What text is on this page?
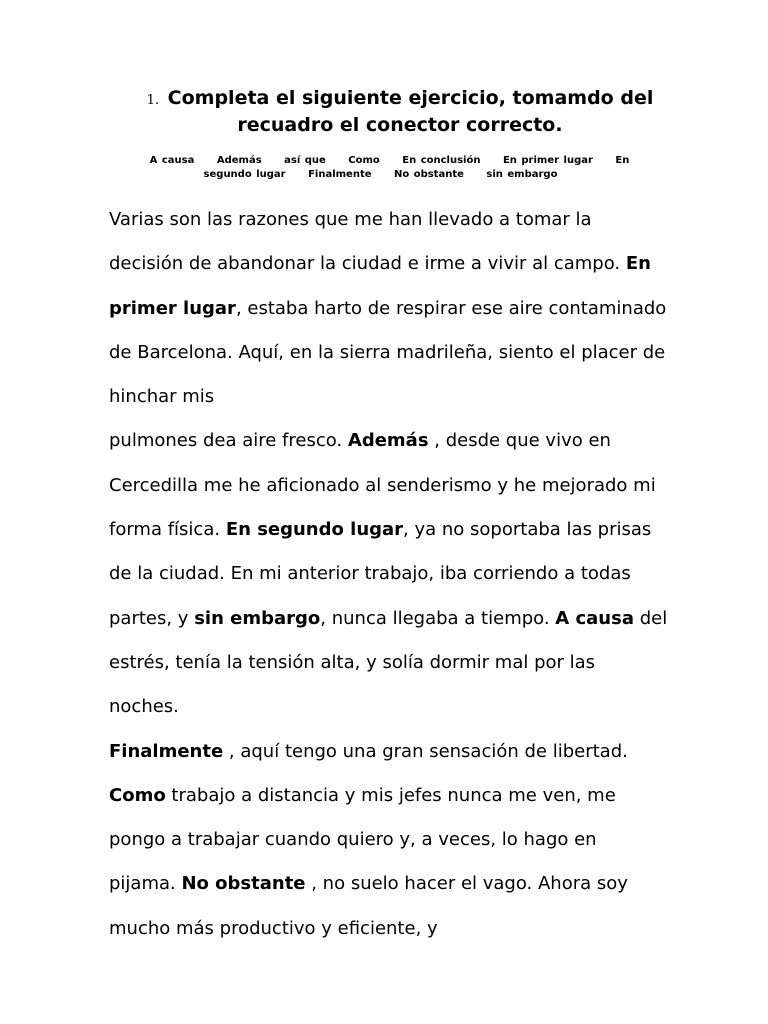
1. Completa el siguiente ejercicio, tomamdo del recuadro el conector correcto.
A causa Además así que Como En conclusión En primer lugar En segundo lugar Finalmente No obstante sin embargo
Varias son las razones que me han llevado a tomar la decisión de abandonar la ciudad e irme a vivir al campo. En primer lugar, estaba harto de respirar ese aire contaminado de Barcelona. Aquí, en la sierra madrileña, siento el placer de hinchar mis
pulmones dea aire fresco. Además , desde que vivo en Cercedilla me he aficionado al senderismo y he mejorado mi forma física. En segundo lugar, ya no soportaba las prisas de la ciudad. En mi anterior trabajo, iba corriendo a todas partes, y sin embargo, nunca llegaba a tiempo. A causa del estrés, tenía la tensión alta, y solía dormir mal por las noches.
Finalmente , aquí tengo una gran sensación de libertad. Como trabajo a distancia y mis jefes nunca me ven, me pongo a trabajar cuando quiero y, a veces, lo hago en pijama. No obstante , no suelo hacer el vago. Ahora soy mucho más productivo y eficiente, y
